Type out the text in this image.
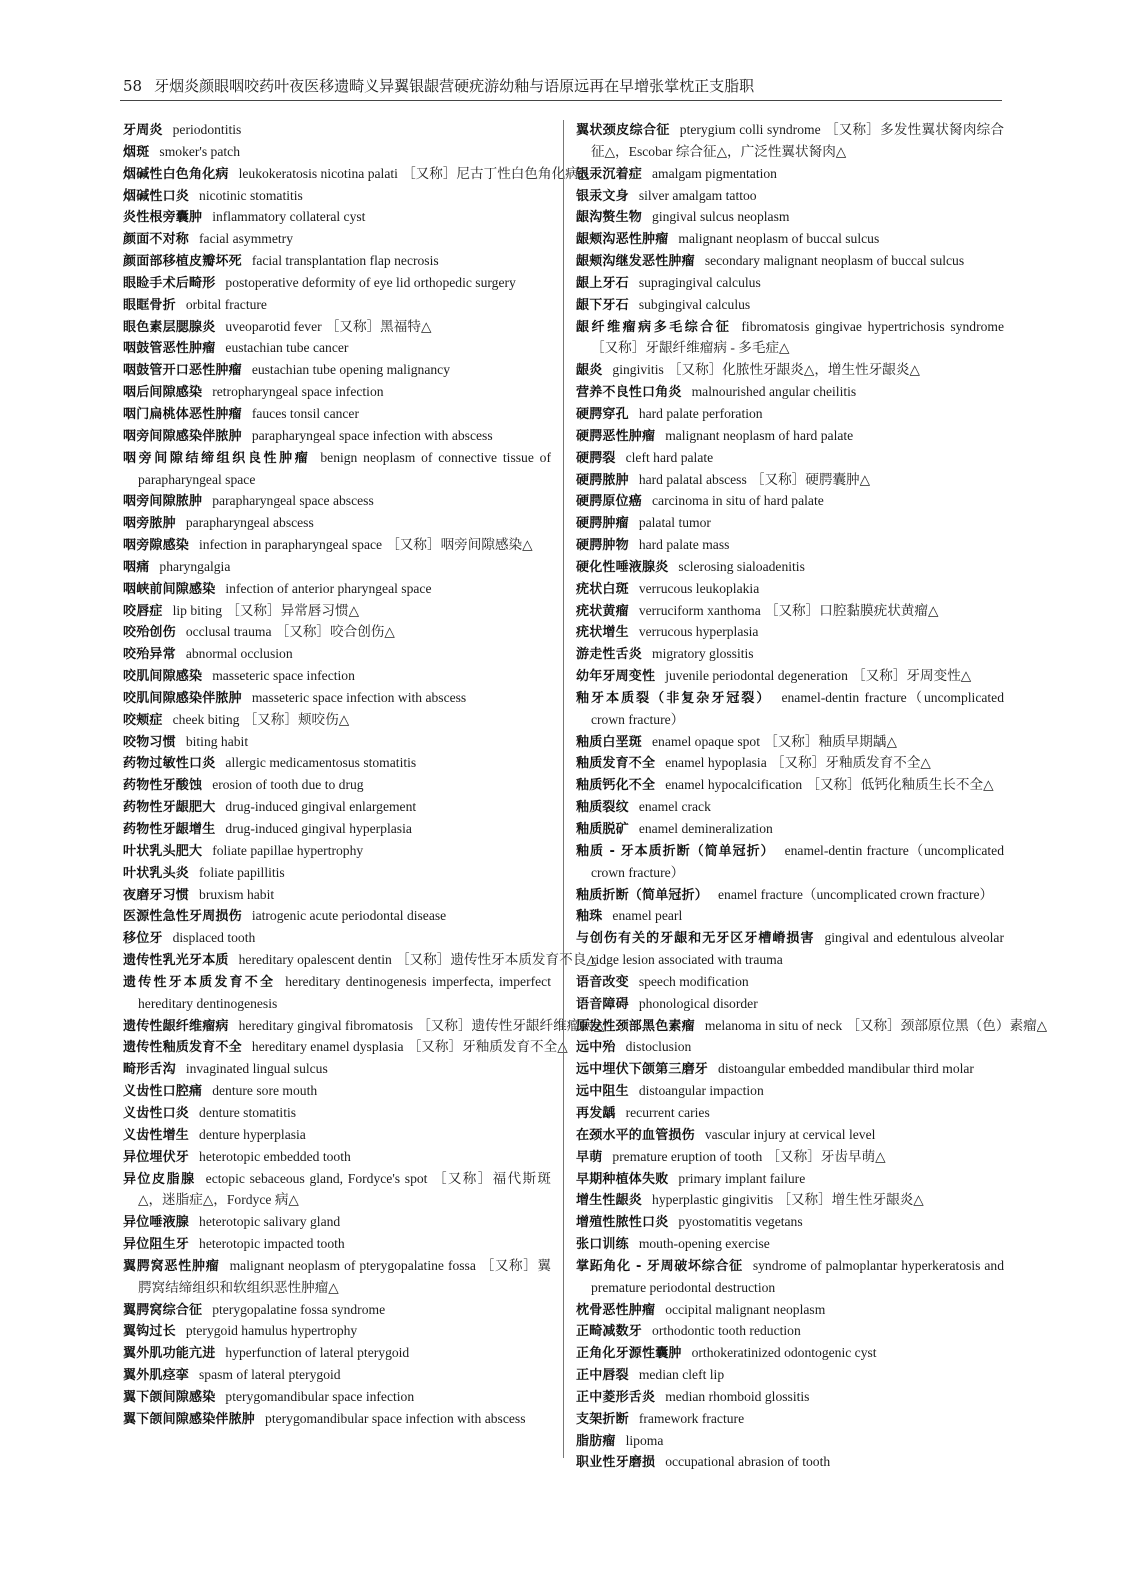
58 牙烟炎颜眼咽咬药叶夜医移遗畸义异翼银龈营硬疣游幼釉与语原远再在早增张掌枕正支脂职
牙周炎 periodontitis
烟斑 smoker's patch
烟碱性白色角化病 leukokeratosis nicotina palati ［又称］尼古丁性白色角化病△
烟碱性口炎 nicotinic stomatitis
炎性根旁囊肿 inflammatory collateral cyst
颜面不对称 facial asymmetry
颜面部移植皮瓣坏死 facial transplantation flap necrosis
眼睑手术后畸形 postoperative deformity of eye lid orthopedic surgery
眼眶骨折 orbital fracture
眼色素层腮腺炎 uveoparotid fever ［又称］黑福特△
咽鼓管恶性肿瘤 eustachian tube cancer
咽鼓管开口恶性肿瘤 eustachian tube opening malignancy
咽后间隙感染 retropharyngeal space infection
咽门扁桃体恶性肿瘤 fauces tonsil cancer
咽旁间隙感染伴脓肿 parapharyngeal space infection with abscess
咽旁间隙结缔组织良性肿瘤 benign neoplasm of connective tissue of parapharyngeal space
咽旁间隙脓肿 parapharyngeal space abscess
咽旁脓肿 parapharyngeal abscess
咽旁隙感染 infection in parapharyngeal space ［又称］咽旁间隙感染△
咽痛 pharyngalgia
咽峡前间隙感染 infection of anterior pharyngeal space
咬唇症 lip biting ［又称］异常唇习惯△
咬殆创伤 occlusal trauma ［又称］咬合创伤△
咬殆异常 abnormal occlusion
咬肌间隙感染 masseteric space infection
咬肌间隙感染伴脓肿 masseteric space infection with abscess
咬颊症 cheek biting ［又称］颊咬伤△
咬物习惯 biting habit
药物过敏性口炎 allergic medicamentosus stomatitis
药物性牙酸蚀 erosion of tooth due to drug
药物性牙龈肥大 drug-induced gingival enlargement
药物性牙龈增生 drug-induced gingival hyperplasia
叶状乳头肥大 foliate papillae hypertrophy
叶状乳头炎 foliate papillitis
夜磨牙习惯 bruxism habit
医源性急性牙周损伤 iatrogenic acute periodontal disease
移位牙 displaced tooth
遗传性乳光牙本质 hereditary opalescent dentin ［又称］遗传性牙本质发育不良△
遗传性牙本质发育不全 hereditary dentinogenesis imperfecta, imperfect hereditary dentinogenesis
遗传性龈纤维瘤病 hereditary gingival fibromatosis ［又称］遗传性牙龈纤维瘤病△
遗传性釉质发育不全 hereditary enamel dysplasia ［又称］牙釉质发育不全△
畸形舌沟 invaginated lingual sulcus
义齿性口腔痛 denture sore mouth
义齿性口炎 denture stomatitis
义齿性增生 denture hyperplasia
异位埋伏牙 heterotopic embedded tooth
异位皮脂腺 ectopic sebaceous gland, Fordyce's spot ［又称］福代斯斑△，迷脂症△，Fordyce 病△
异位唾液腺 heterotopic salivary gland
异位阻生牙 heterotopic impacted tooth
翼腭窝恶性肿瘤 malignant neoplasm of pterygopalatine fossa ［又称］翼腭窝结缔组织和软组织恶性肿瘤△
翼腭窝综合征 pterygopalatine fossa syndrome
翼钩过长 pterygoid hamulus hypertrophy
翼外肌功能亢进 hyperfunction of lateral pterygoid
翼外肌痉挛 spasm of lateral pterygoid
翼下颌间隙感染 pterygomandibular space infection
翼下颌间隙感染伴脓肿 pterygomandibular space infection with abscess
翼状颈皮综合征 pterygium colli syndrome ［又称］多发性翼状胬肉综合征△，Escobar 综合征△，广泛性翼状胬肉△
银汞沉着症 amalgam pigmentation
银汞文身 silver amalgam tattoo
龈沟赘生物 gingival sulcus neoplasm
龈颊沟恶性肿瘤 malignant neoplasm of buccal sulcus
龈颊沟继发恶性肿瘤 secondary malignant neoplasm of buccal sulcus
龈上牙石 supragingival calculus
龈下牙石 subgingival calculus
龈纤维瘤病多毛综合征 fibromatosis gingivae hypertrichosis syndrome ［又称］牙龈纤维瘤病 - 多毛症△
龈炎 gingivitis ［又称］化脓性牙龈炎△，增生性牙龈炎△
营养不良性口角炎 malnourished angular cheilitis
硬腭穿孔 hard palate perforation
硬腭恶性肿瘤 malignant neoplasm of hard palate
硬腭裂 cleft hard palate
硬腭脓肿 hard palatal abscess ［又称］硬腭囊肿△
硬腭原位癌 carcinoma in situ of hard palate
硬腭肿瘤 palatal tumor
硬腭肿物 hard palate mass
硬化性唾液腺炎 sclerosing sialoadenitis
疣状白斑 verrucous leukoplakia
疣状黄瘤 verruciform xanthoma ［又称］口腔黏膜疣状黄瘤△
疣状增生 verrucous hyperplasia
游走性舌炎 migratory glossitis
幼年牙周变性 juvenile periodontal degeneration ［又称］牙周变性△
釉牙本质裂（非复杂牙冠裂） enamel-dentin fracture（uncomplicated crown fracture）
釉质白垩斑 enamel opaque spot ［又称］釉质早期龋△
釉质发育不全 enamel hypoplasia ［又称］牙釉质发育不全△
釉质钙化不全 enamel hypocalcification ［又称］低钙化釉质生长不全△
釉质裂纹 enamel crack
釉质脱矿 enamel demineralization
釉质 - 牙本质折断（简单冠折） enamel-dentin fracture（uncomplicated crown fracture）
釉质折断（简单冠折） enamel fracture（uncomplicated crown fracture）
釉珠 enamel pearl
与创伤有关的牙龈和无牙区牙槽嵴损害 gingival and edentulous alveolar ridge lesion associated with trauma
语音改变 speech modification
语音障碍 phonological disorder
原发性颈部黑色素瘤 melanoma in situ of neck ［又称］颈部原位黑（色）素瘤△
远中殆 distoclusion
远中埋伏下颌第三磨牙 distoangular embedded mandibular third molar
远中阻生 distoangular impaction
再发龋 recurrent caries
在颈水平的血管损伤 vascular injury at cervical level
早萌 premature eruption of tooth ［又称］牙齿早萌△
早期种植体失败 primary implant failure
增生性龈炎 hyperplastic gingivitis ［又称］增生性牙龈炎△
增殖性脓性口炎 pyostomatitis vegetans
张口训练 mouth-opening exercise
掌跖角化 - 牙周破坏综合征 syndrome of palmoplantar hyperkeratosis and premature periodontal destruction
枕骨恶性肿瘤 occipital malignant neoplasm
正畸减数牙 orthodontic tooth reduction
正角化牙源性囊肿 orthokeratinized odontogenic cyst
正中唇裂 median cleft lip
正中菱形舌炎 median rhomboid glossitis
支架折断 framework fracture
脂肪瘤 lipoma
职业性牙磨损 occupational abrasion of tooth
